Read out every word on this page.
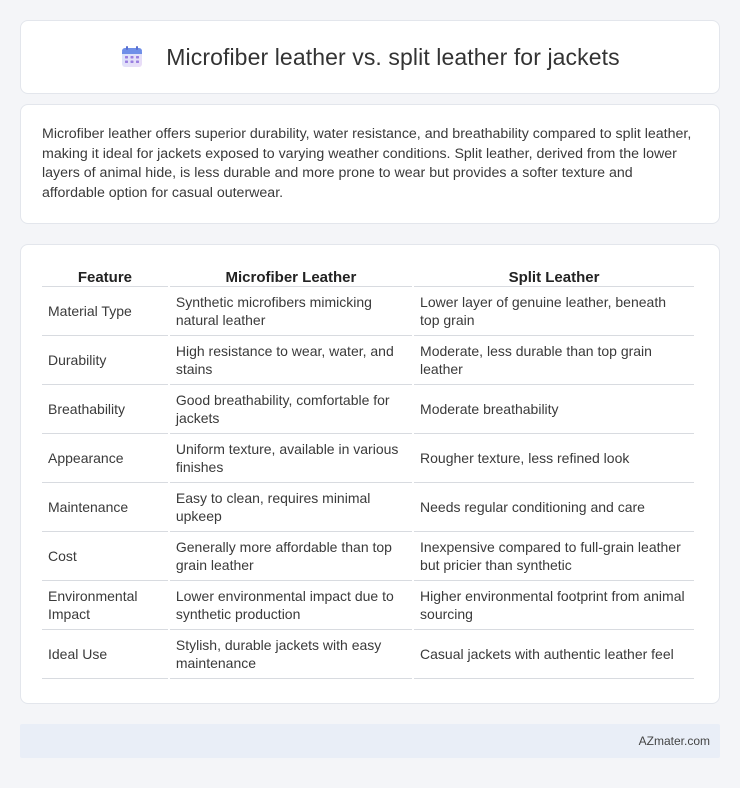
Microfiber leather vs. split leather for jackets

Microfiber leather offers superior durability, water resistance, and breathability compared to split leather, making it ideal for jackets exposed to varying weather conditions. Split leather, derived from the lower layers of animal hide, is less durable and more prone to wear but provides a softer texture and affordable option for casual outerwear.

Feature	Microfiber Leather	Split Leather
Material Type	Synthetic microfibers mimicking natural leather	Lower layer of genuine leather, beneath top grain
Durability	High resistance to wear, water, and stains	Moderate, less durable than top grain leather
Breathability	Good breathability, comfortable for jackets	Moderate breathability
Appearance	Uniform texture, available in various finishes	Rougher texture, less refined look
Maintenance	Easy to clean, requires minimal upkeep	Needs regular conditioning and care
Cost	Generally more affordable than top grain leather	Inexpensive compared to full-grain leather but pricier than synthetic
Environmental Impact	Lower environmental impact due to synthetic production	Higher environmental footprint from animal sourcing
Ideal Use	Stylish, durable jackets with easy maintenance	Casual jackets with authentic leather feel
AZmater.com
